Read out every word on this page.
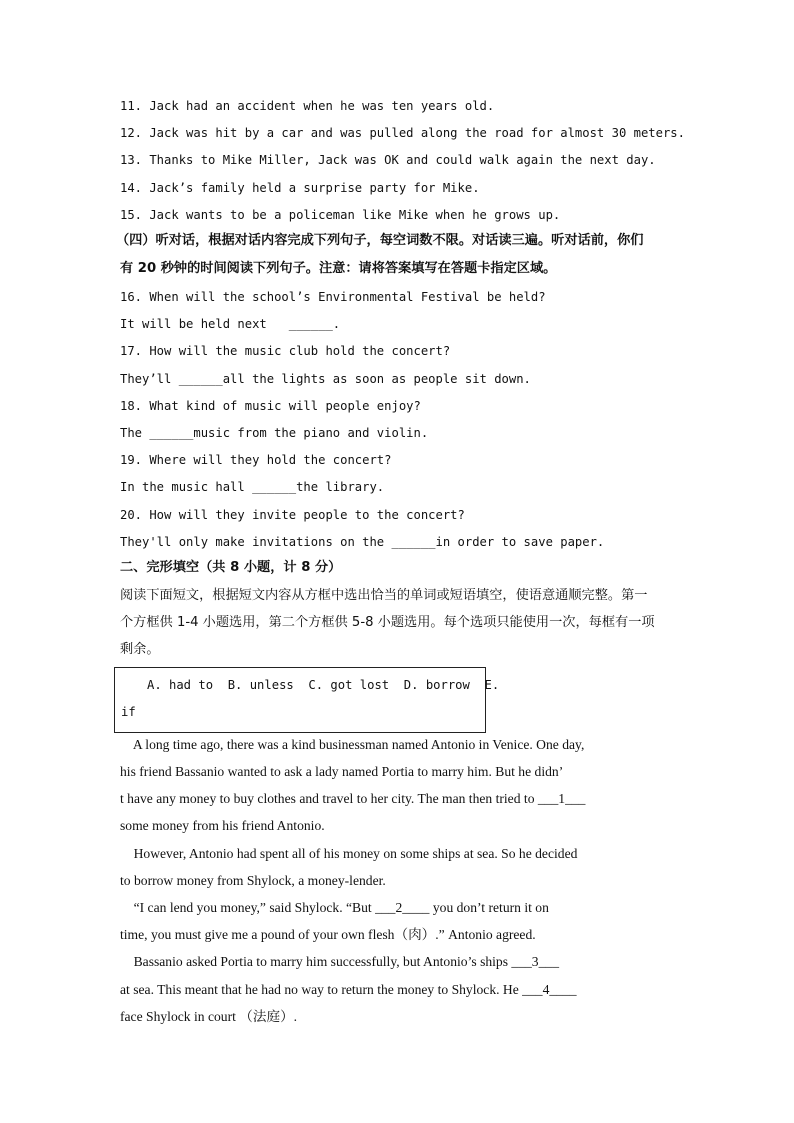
11. Jack had an accident when he was ten years old.
12. Jack was hit by a car and was pulled along the road for almost 30 meters.
13. Thanks to Mike Miller, Jack was OK and could walk again the next day.
14. Jack’s family held a surprise party for Mike.
15. Jack wants to be a policeman like Mike when he grows up.
（四）听对话，根据对话内容完成下列句子，每空词数不限。对话读三遍。听对话前，你们
有 20 秒钟的时间阅读下列句子。注意：请将答案填写在答题卡指定区域。
16. When will the school’s Environmental Festival be held?
It will be held next   ______.
17. How will the music club hold the concert?
They’ll ______all the lights as soon as people sit down.
18. What kind of music will people enjoy?
The ______music from the piano and violin.
19. Where will they hold the concert?
In the music hall ______the library.
20. How will they invite people to the concert?
They'll only make invitations on the ______in order to save paper.
二、完形填空（共 8 小题，计 8 分）
阅读下面短文，根据短文内容从方框中选出恰当的单词或短语填空，使语意通顺完整。第一
个方框供 1-4 小题选用，第二个方框供 5-8 小题选用。每个选项只能使用一次，每框有一项
剩余。
A. had to  B. unless  C. got lost  D. borrow  E.
if
A long time ago, there was a kind businessman named Antonio in Venice. One day,
his friend Bassanio wanted to ask a lady named Portia to marry him. But he didn’
t have any money to buy clothes and travel to her city. The man then tried to ___1___
some money from his friend Antonio.
However, Antonio had spent all of his money on some ships at sea. So he decided
to borrow money from Shylock, a money-lender.
“I can lend you money,” said Shylock. “But ___2____ you don’t return it on
time, you must give me a pound of your own flesh（肉）.” Antonio agreed.
Bassanio asked Portia to marry him successfully, but Antonio’s ships ___3___
at sea. This meant that he had no way to return the money to Shylock. He ___4____
face Shylock in court （法庭）.
